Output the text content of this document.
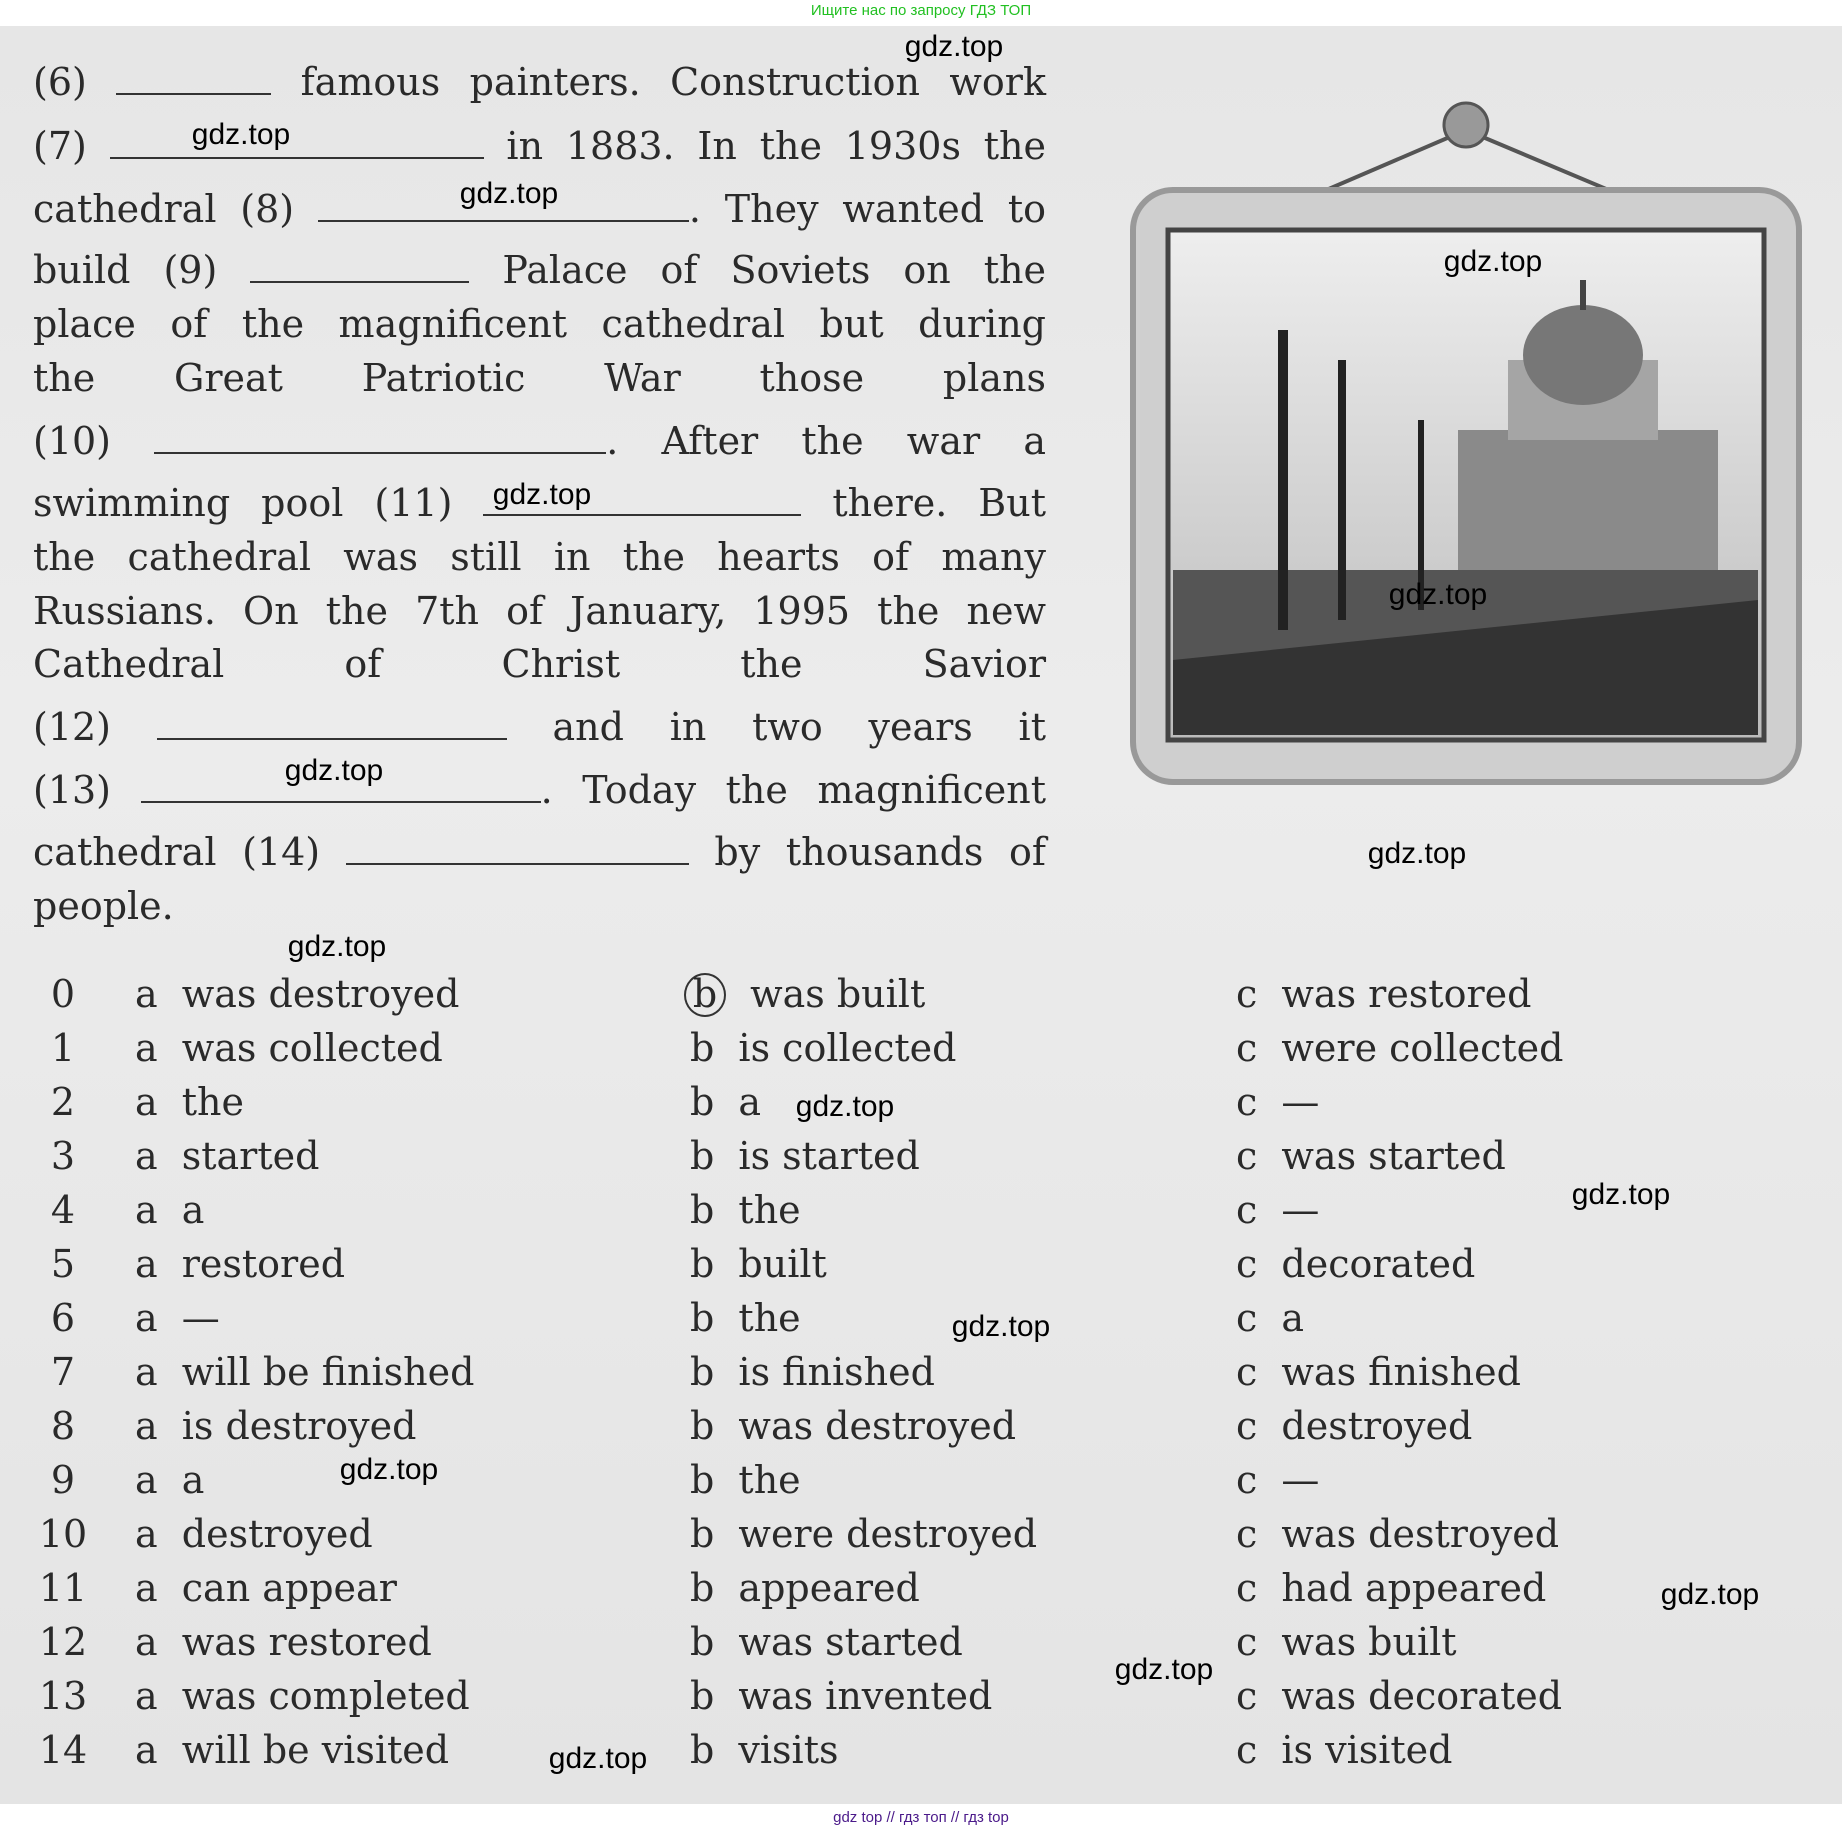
Ищите нас по запросу ГДЗ ТОП
(6)	famous painters. Construction work
(7)	in 1883. In the 1930s the
cathedral (8)	. They wanted to
build (9)	Palace of Soviets on the
place of the magnificent cathedral but during
the Great Patriotic War those plans
(10)	. After the war a
swimming pool (11)	there. But
the cathedral was still in the hearts of many
Russians. On the 7th of January, 1995 the new
Cathedral of Christ the Savior
(12)	and in two years it
(13)	. Today the magnificent
cathedral (14)	by thousands of
people.
0	a was destroyed	b was built	c was restored
1	a was collected	b is collected	c were collected
2	a the	b a	c —
3	a started	b is started	c was started
4	a a	b the	c —
5	a restored	b built	c decorated
6	a —	b the	c a
7	a will be finished	b is finished	c was finished
8	a is destroyed	b was destroyed	c destroyed
9	a a	b the	c —
10 a destroyed	b were destroyed	c was destroyed
11 a can appear	b appeared	c had appeared
12 a was restored	b was started	c was built
13 a was completed	b was invented	c was decorated
14 a will be visited	b visits	c is visited
gdz.top
gdz.top
gdz.top
gdz.top
gdz.top
gdz.top
gdz.top
gdz.top
gdz.top
gdz.top
gdz.top
gdz.top
gdz.top
gdz.top
gdz.top
gdz.top
gdz top // гдз топ // гдз top
